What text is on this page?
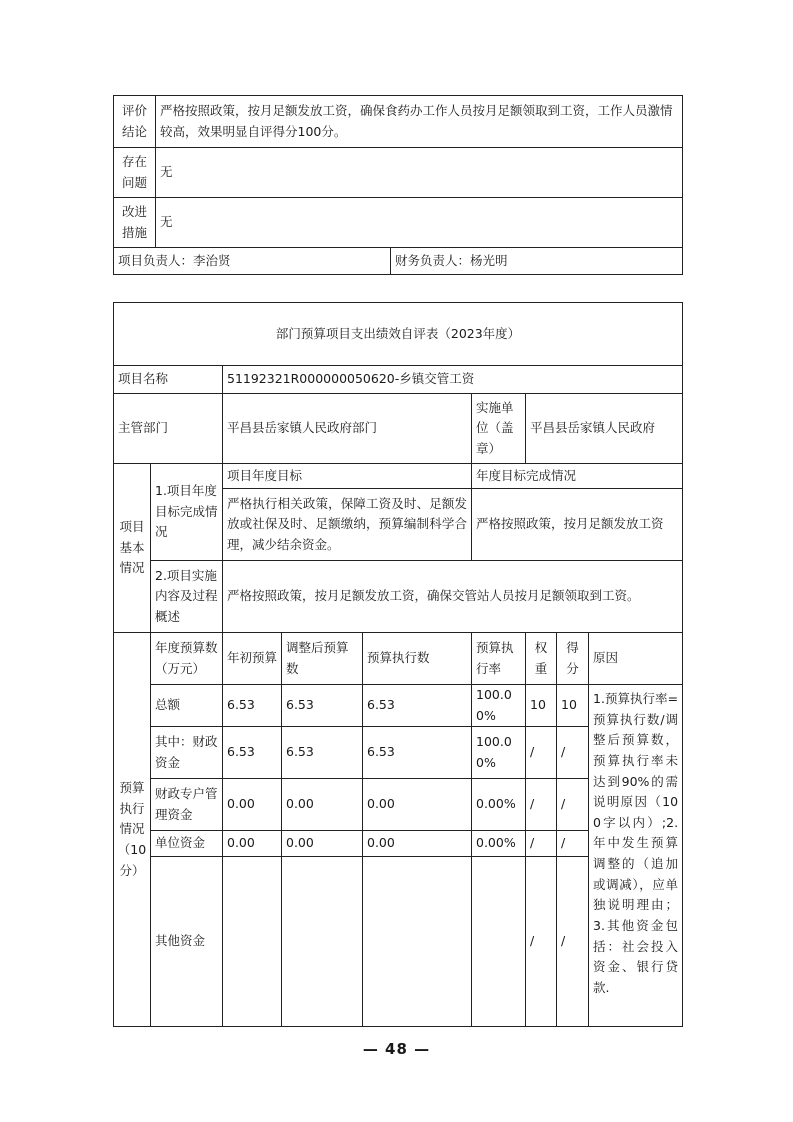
评价结论	严格按照政策，按月足额发放工资，确保食药办工作人员按月足额领取到工资，工作人员激情较高，效果明显自评得分100分。	
存在问题	无	
改进措施	无	
项目负责人：李治贤		财务负责人：杨光明
部门预算项目支出绩效自评表（2023年度）								
项目名称		51192321R000000050620-乡镇交管工资						
主管部门		平昌县岳家镇人民政府部门			实施单位（盖章）	平昌县岳家镇人民政府		
项目基本情况	1.项目年度目标完成情况	项目年度目标			年度目标完成情况			
		严格执行相关政策，保障工资及时、足额发放或社保及时、足额缴纳，预算编制科学合理，减少结余资金。			严格按照政策，按月足额发放工资			
	2.项目实施内容及过程概述	严格按照政策，按月足额发放工资，确保交管站人员按月足额领取到工资。						
预算执行情况（10分）	年度预算数（万元）	年初预算	调整后预算数	预算执行数	预算执行率	权重	得分	原因
	总额	6.53	6.53	6.53	100.00%	10	10	1.预算执行率=预算执行数/调整后预算数，预算执行率未达到90%的需说明原因（100字以内）;2.年中发生预算调整的（追加或调减），应单独说明理由；3.其他资金包括：社会投入资金、银行贷款.
	其中：财政资金	6.53	6.53	6.53	100.00%	/	/	
	财政专户管理资金	0.00	0.00	0.00	0.00%	/	/	
	单位资金	0.00	0.00	0.00	0.00%	/	/	
	其他资金					/	/	
— 48 —
